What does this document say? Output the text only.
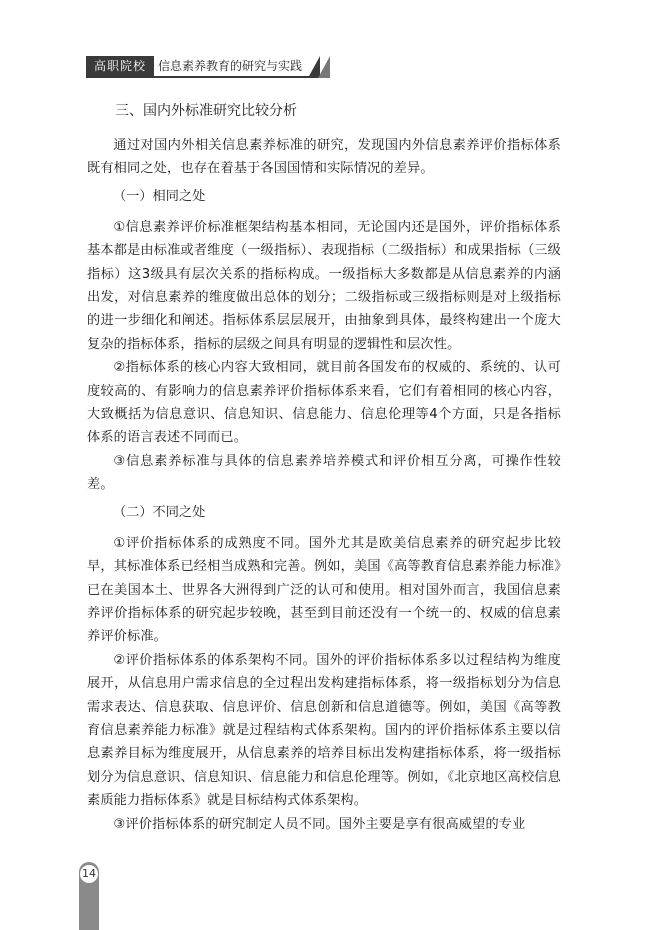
高职院校	信息素养教育的研究与实践
三、国内外标准研究比较分析

通过对国内外相关信息素养标准的研究，发现国内外信息素养评价指标体系既有相同之处，也存在着基于各国国情和实际情况的差异。

（一）相同之处

①信息素养评价标准框架结构基本相同，无论国内还是国外，评价指标体系基本都是由标准或者维度（一级指标）、表现指标（二级指标）和成果指标（三级指标）这3级具有层次关系的指标构成。一级指标大多数都是从信息素养的内涵出发，对信息素养的维度做出总体的划分；二级指标或三级指标则是对上级指标的进一步细化和阐述。指标体系层层展开，由抽象到具体，最终构建出一个庞大复杂的指标体系，指标的层级之间具有明显的逻辑性和层次性。

②指标体系的核心内容大致相同，就目前各国发布的权威的、系统的、认可度较高的、有影响力的信息素养评价指标体系来看，它们有着相同的核心内容，大致概括为信息意识、信息知识、信息能力、信息伦理等4个方面，只是各指标体系的语言表述不同而已。

③信息素养标准与具体的信息素养培养模式和评价相互分离，可操作性较差。

（二）不同之处

①评价指标体系的成熟度不同。国外尤其是欧美信息素养的研究起步比较早，其标准体系已经相当成熟和完善。例如，美国《高等教育信息素养能力标准》已在美国本土、世界各大洲得到广泛的认可和使用。相对国外而言，我国信息素养评价指标体系的研究起步较晚，甚至到目前还没有一个统一的、权威的信息素养评价标准。

②评价指标体系的体系架构不同。国外的评价指标体系多以过程结构为维度展开，从信息用户需求信息的全过程出发构建指标体系，将一级指标划分为信息需求表达、信息获取、信息评价、信息创新和信息道德等。例如，美国《高等教育信息素养能力标准》就是过程结构式体系架构。国内的评价指标体系主要以信息素养目标为维度展开，从信息素养的培养目标出发构建指标体系，将一级指标划分为信息意识、信息知识、信息能力和信息伦理等。例如，《北京地区高校信息素质能力指标体系》就是目标结构式体系架构。

③评价指标体系的研究制定人员不同。国外主要是享有很高威望的专业

14
